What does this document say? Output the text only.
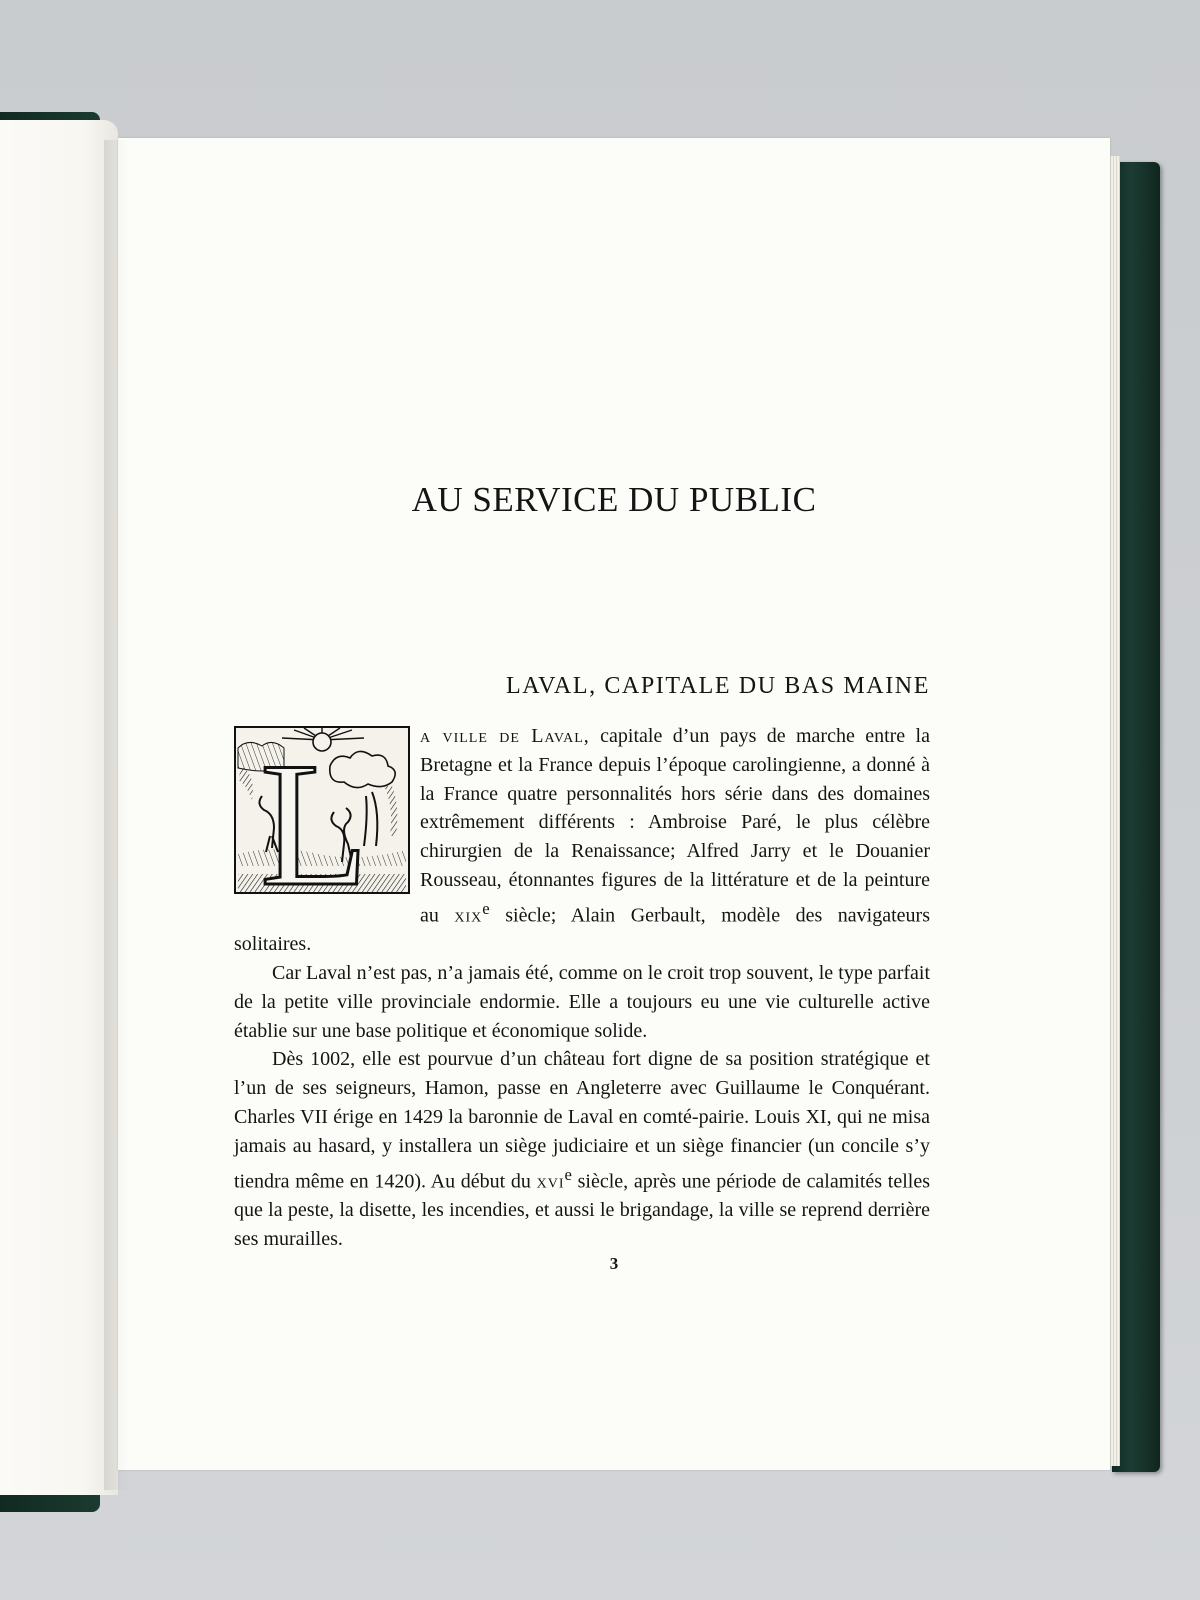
AU SERVICE DU PUBLIC
LAVAL, CAPITALE DU BAS MAINE
L	a ville de Laval, capitale d’un pays de marche entre la Bretagne et la France depuis l’époque carolingienne, a donné à la France quatre personnalités hors série dans des domaines extrêmement différents : Ambroise Paré, le plus célèbre chirurgien de la Renaissance; Alfred Jarry et le Douanier Rousseau, étonnantes figures de la littérature et de la peinture au xix$^e$ siècle; Alain Gerbault, modèle des navigateurs solitaires.

Car Laval n’est pas, n’a jamais été, comme on le croit trop souvent, le type parfait de la petite ville provinciale endormie. Elle a toujours eu une vie culturelle active établie sur une base politique et économique solide.

Dès 1002, elle est pourvue d’un château fort digne de sa position stratégique et l’un de ses seigneurs, Hamon, passe en Angleterre avec Guillaume le Conquérant. Charles VII érige en 1429 la baronnie de Laval en comté-pairie. Louis XI, qui ne misa jamais au hasard, y installera un siège judiciaire et un siège financier (un concile s’y tiendra même en 1420). Au début du xvi$^e$ siècle, après une période de calamités telles que la peste, la disette, les incendies, et aussi le brigandage, la ville se reprend derrière ses murailles.

3
